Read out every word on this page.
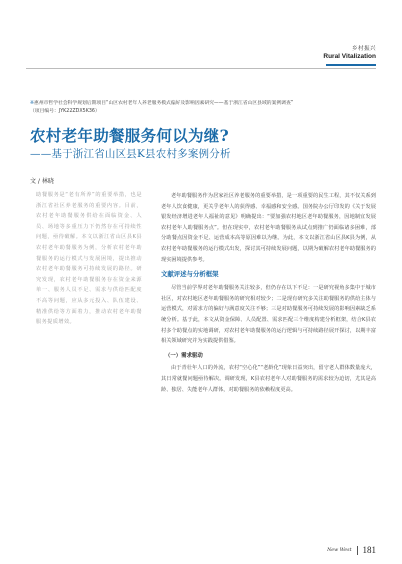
乡村振兴
Rural Vitalization
※惠州市哲学社会科学规划后期项目“山区农村老年人养老服务模式偏好及影响因素研究——基于浙江省山区县域的案例调查”
（项目编号：JYK22ZDX5K36）
农村老年助餐服务何以为继?
——基于浙江省山区县K县农村多案例分析
文 / 林晓
助餐服务是“老有所养”的重要举措，也是浙江省社区养老服务的重要内容。目前，农村老年助餐服务供给在面临资金、人员、场地等多重压力下仍然存在可持续性问题，亟待破解。本文以浙江省山区县K县农村老年助餐服务为例，分析农村老年助餐服务的运行模式与发展困境，提出推动农村老年助餐服务可持续发展的路径。研究发现，农村老年助餐服务存在资金来源单一、服务人员不足、需求与供给匹配度不高等问题，应从多元投入、队伍建设、精准供给等方面着力，推动农村老年助餐服务提质增效。

老年助餐服务作为居家社区养老服务的重要举措，是一项重要的民生工程，其不仅关系到老年人饮食健康，更关乎老年人的获得感、幸福感和安全感。国务院办公厅印发的《关于发展银发经济增进老年人福祉的意见》明确提出：“要加强农村地区老年助餐服务，因地制宜发展农村老年人助餐服务点”。但在现实中，农村老年助餐服务从试点到推广仍面临诸多困难，部分助餐点因资金不足、运营成本高等原因难以为继。为此，本文以浙江省山区县K县为例，从农村老年助餐服务的运行模式出发，探讨其可持续发展问题，以期为破解农村老年助餐服务的现实困境提供参考。

文献评述与分析框架

尽管当前学界对老年助餐服务关注较多，但仍存在以下不足：一是研究视角多集中于城市社区，对农村地区老年助餐服务的研究相对较少；二是现有研究多关注助餐服务的供给主体与运营模式，对需求方的偏好与满意度关注不够；三是对助餐服务可持续发展的影响因素缺乏系统分析。基于此，本文从资金保障、人员配置、需求匹配三个维度构建分析框架，结合K县农村多个助餐点的实地调研，对农村老年助餐服务的运行逻辑与可持续路径展开探讨，以期丰富相关领域研究并为实践提供借鉴。

（一）需求驱动

由于青壮年人口的外流，农村“空心化”“老龄化”现象日益突出，留守老人群体数量庞大，其日常就餐问题亟待解决。调研发现，K县农村老年人对助餐服务的需求较为迫切，尤其是高龄、独居、失能老年人群体，对助餐服务的依赖程度更高。

New West 181
